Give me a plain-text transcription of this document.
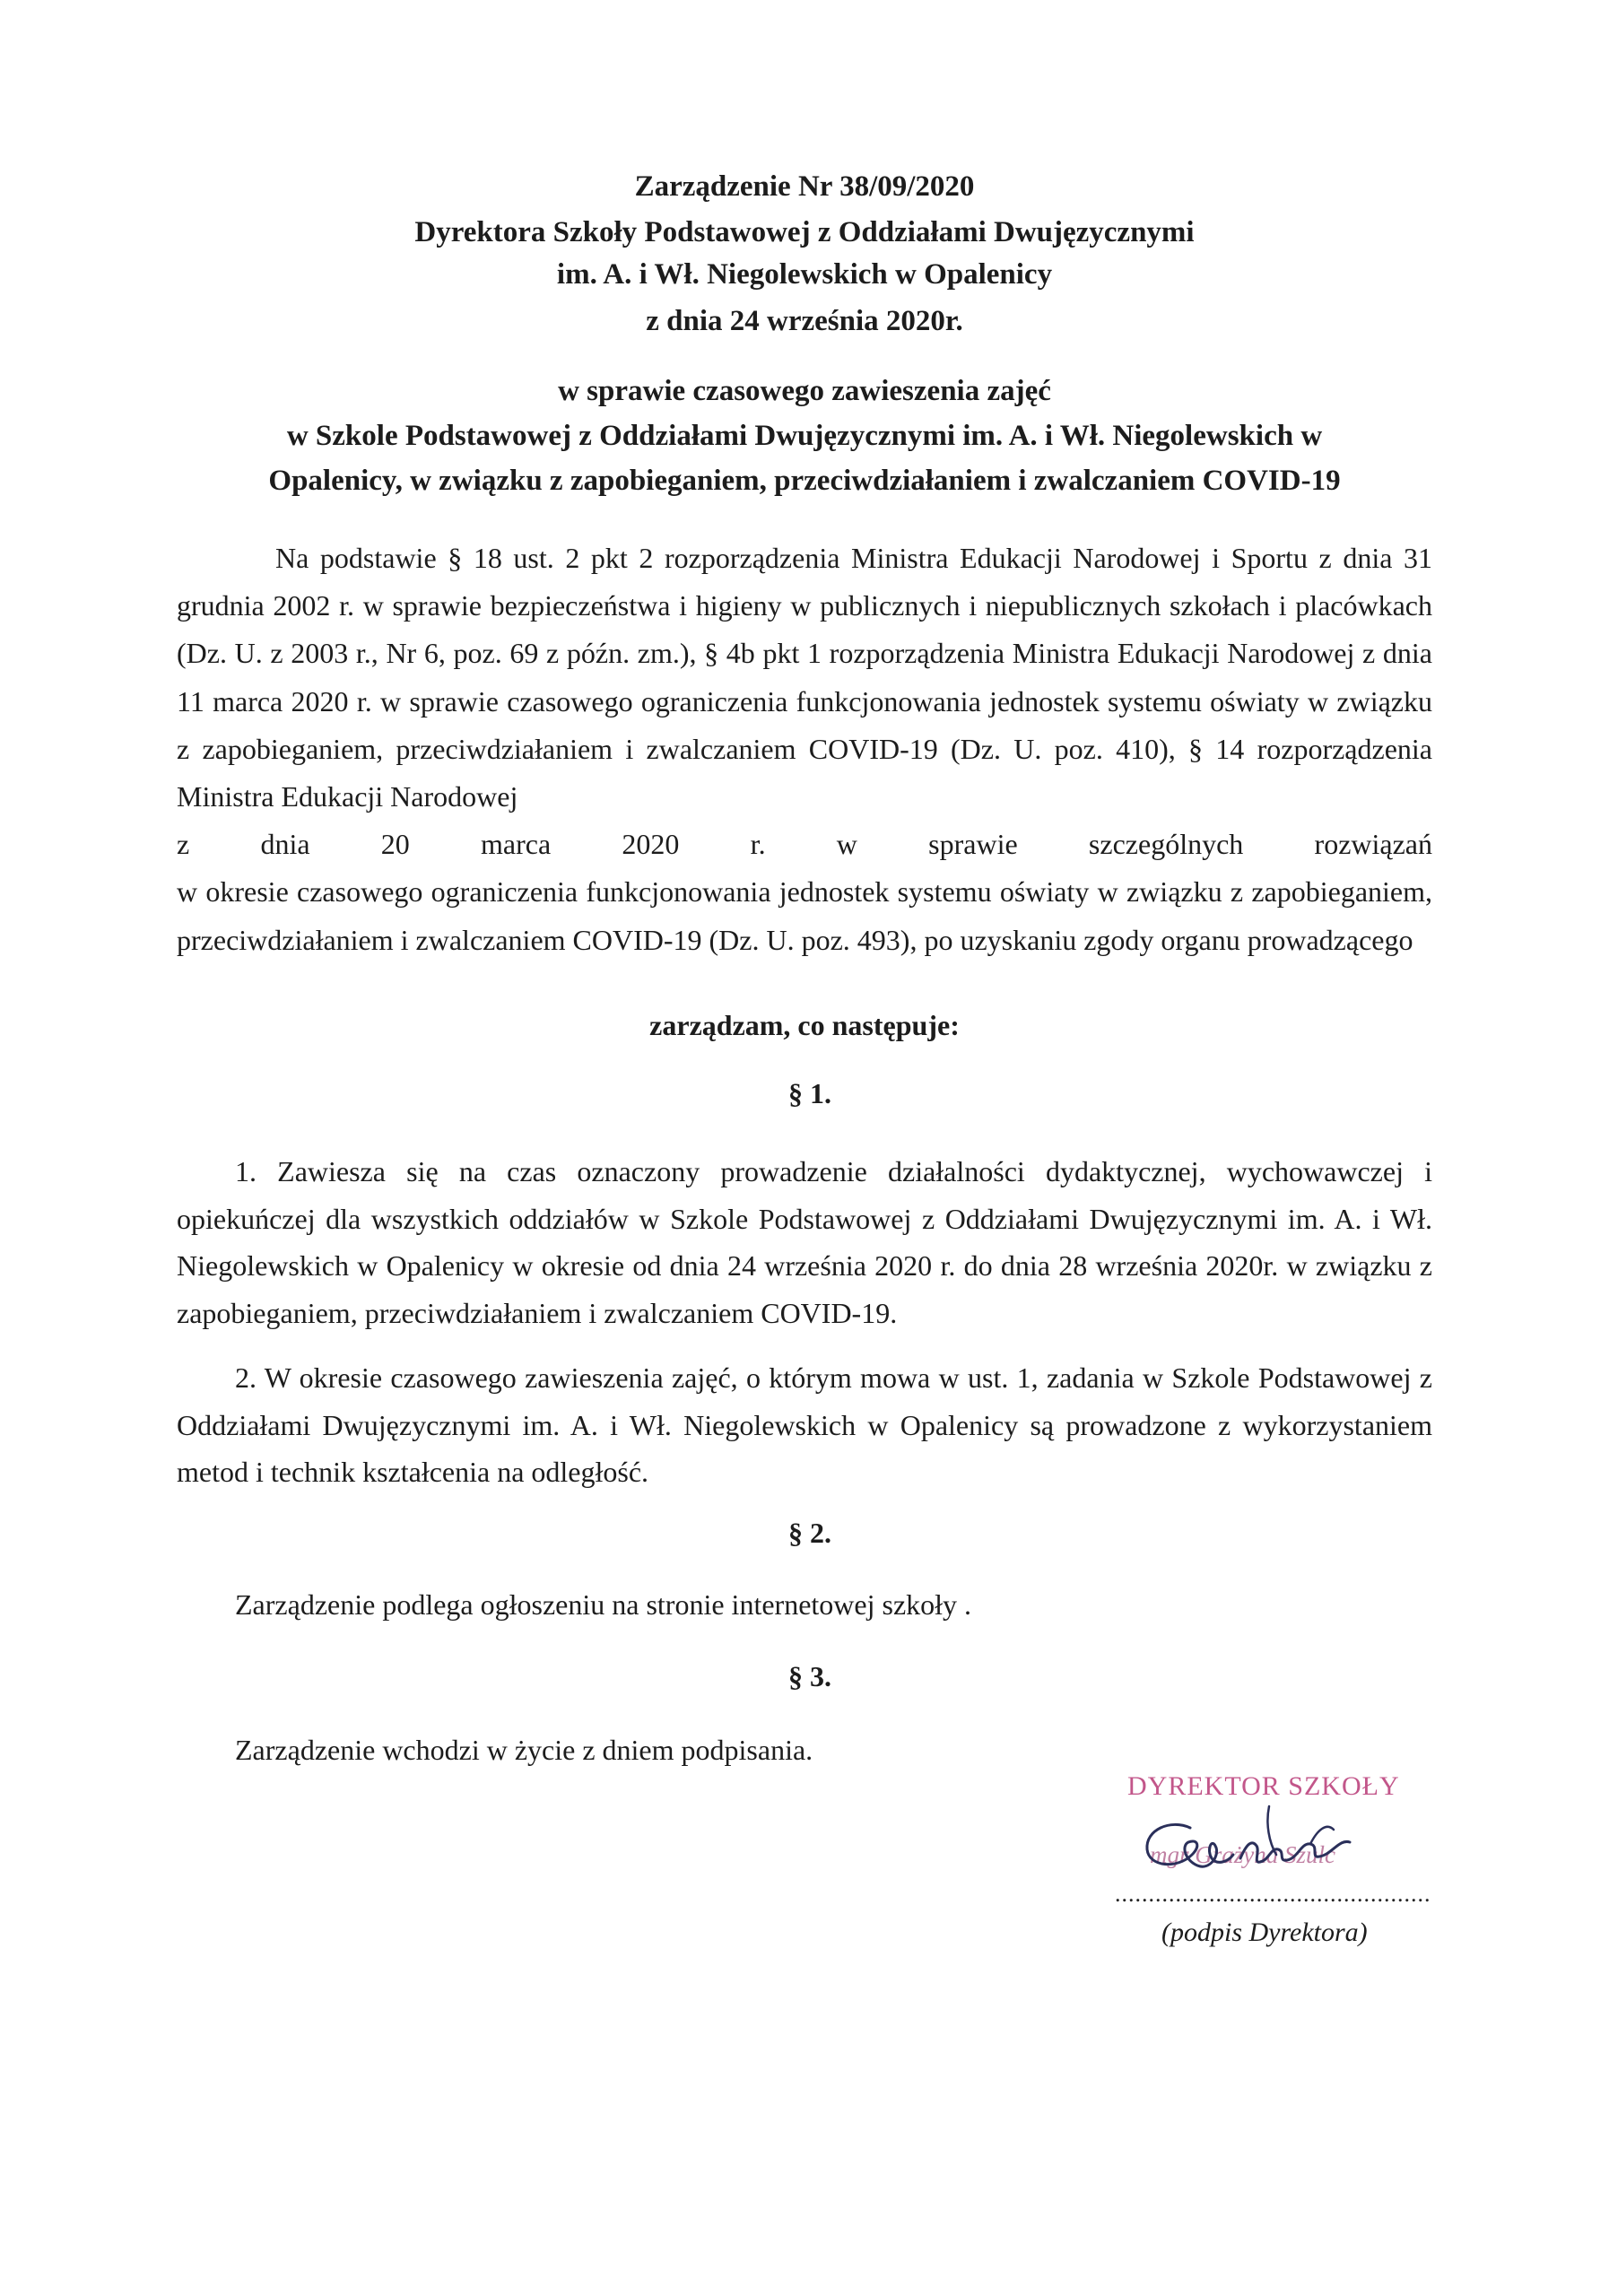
Zarządzenie Nr 38/09/2020
Dyrektora Szkoły Podstawowej z Oddziałami Dwujęzycznymi
im. A. i Wł. Niegolewskich w Opalenicy
z dnia 24 września 2020r.
w sprawie czasowego zawieszenia zajęć
w Szkole Podstawowej z Oddziałami Dwujęzycznymi im. A. i Wł. Niegolewskich w
Opalenicy, w związku z zapobieganiem, przeciwdziałaniem i zwalczaniem COVID-19
Na podstawie § 18 ust. 2 pkt 2 rozporządzenia Ministra Edukacji Narodowej i Sportu z dnia 31 grudnia 2002 r. w sprawie bezpieczeństwa i higieny w publicznych i niepublicznych szkołach i placówkach (Dz. U. z 2003 r., Nr 6, poz. 69 z późn. zm.), § 4b pkt 1 rozporządzenia Ministra Edukacji Narodowej z dnia 11 marca 2020 r. w sprawie czasowego ograniczenia funkcjonowania jednostek systemu oświaty w związku z zapobieganiem, przeciwdziałaniem i zwalczaniem COVID-19 (Dz. U. poz. 410), § 14 rozporządzenia Ministra Edukacji Narodowej
z dnia 20 marca 2020 r. w sprawie szczególnych rozwiązań
w okresie czasowego ograniczenia funkcjonowania jednostek systemu oświaty w związku z zapobieganiem, przeciwdziałaniem i zwalczaniem COVID-19 (Dz. U. poz. 493), po uzyskaniu zgody organu prowadzącego
zarządzam, co następuje:
§ 1.
1. Zawiesza się na czas oznaczony prowadzenie działalności dydaktycznej, wychowawczej i opiekuńczej dla wszystkich oddziałów w Szkole Podstawowej z Oddziałami Dwujęzycznymi im. A. i Wł. Niegolewskich w Opalenicy w okresie od dnia 24 września 2020 r. do dnia 28 września 2020r. w związku z zapobieganiem, przeciwdziałaniem i zwalczaniem COVID-19.
2. W okresie czasowego zawieszenia zajęć, o którym mowa w ust. 1, zadania w Szkole Podstawowej z Oddziałami Dwujęzycznymi im. A. i Wł. Niegolewskich w Opalenicy są prowadzone z wykorzystaniem metod i technik kształcenia na odległość.
§ 2.
Zarządzenie podlega ogłoszeniu na stronie internetowej szkoły .
§ 3.
Zarządzenie wchodzi w życie z dniem podpisania.
DYREKTOR SZKOŁY
mgr Grażyna Szulc
...............................................
(podpis Dyrektora)
